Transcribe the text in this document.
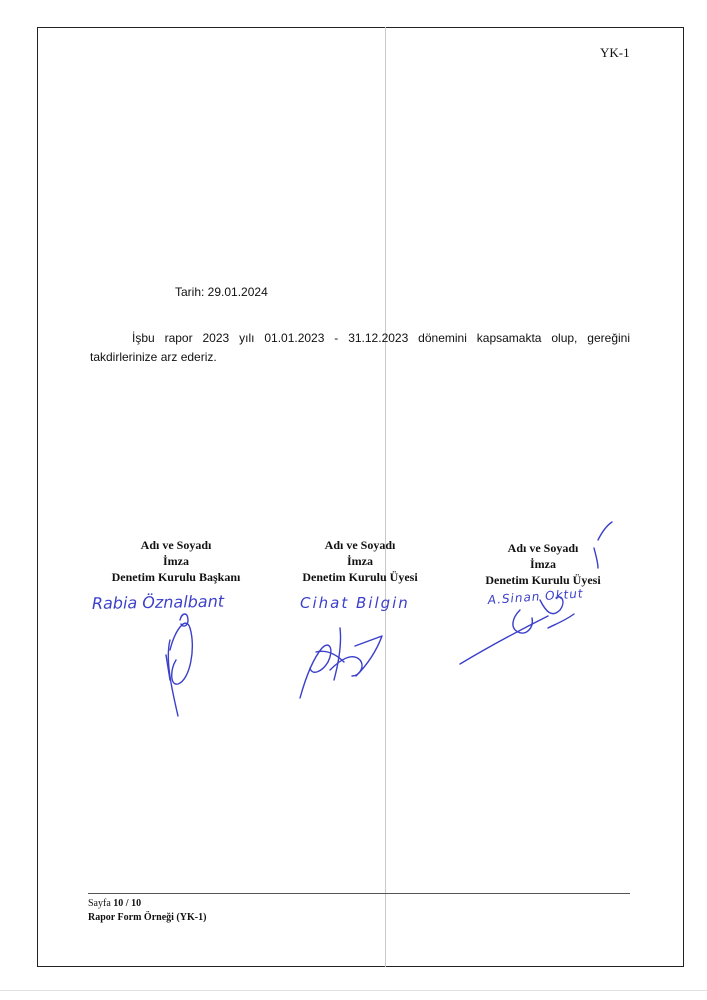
YK-1
Tarih: 29.01.2024
İşbu rapor 2023 yılı 01.01.2023 - 31.12.2023 dönemini kapsamakta olup, gereğini
takdirlerinize arz ederiz.
Adı ve Soyadı
İmza
Denetim Kurulu Başkanı
Adı ve Soyadı
İmza
Denetim Kurulu Üyesi
Adı ve Soyadı
İmza
Denetim Kurulu Üyesi
Rabia Öznalbant	Cihat Bilgin	A.Sinan Oktut
Sayfa 10 / 10
Rapor Form Örneği (YK-1)
